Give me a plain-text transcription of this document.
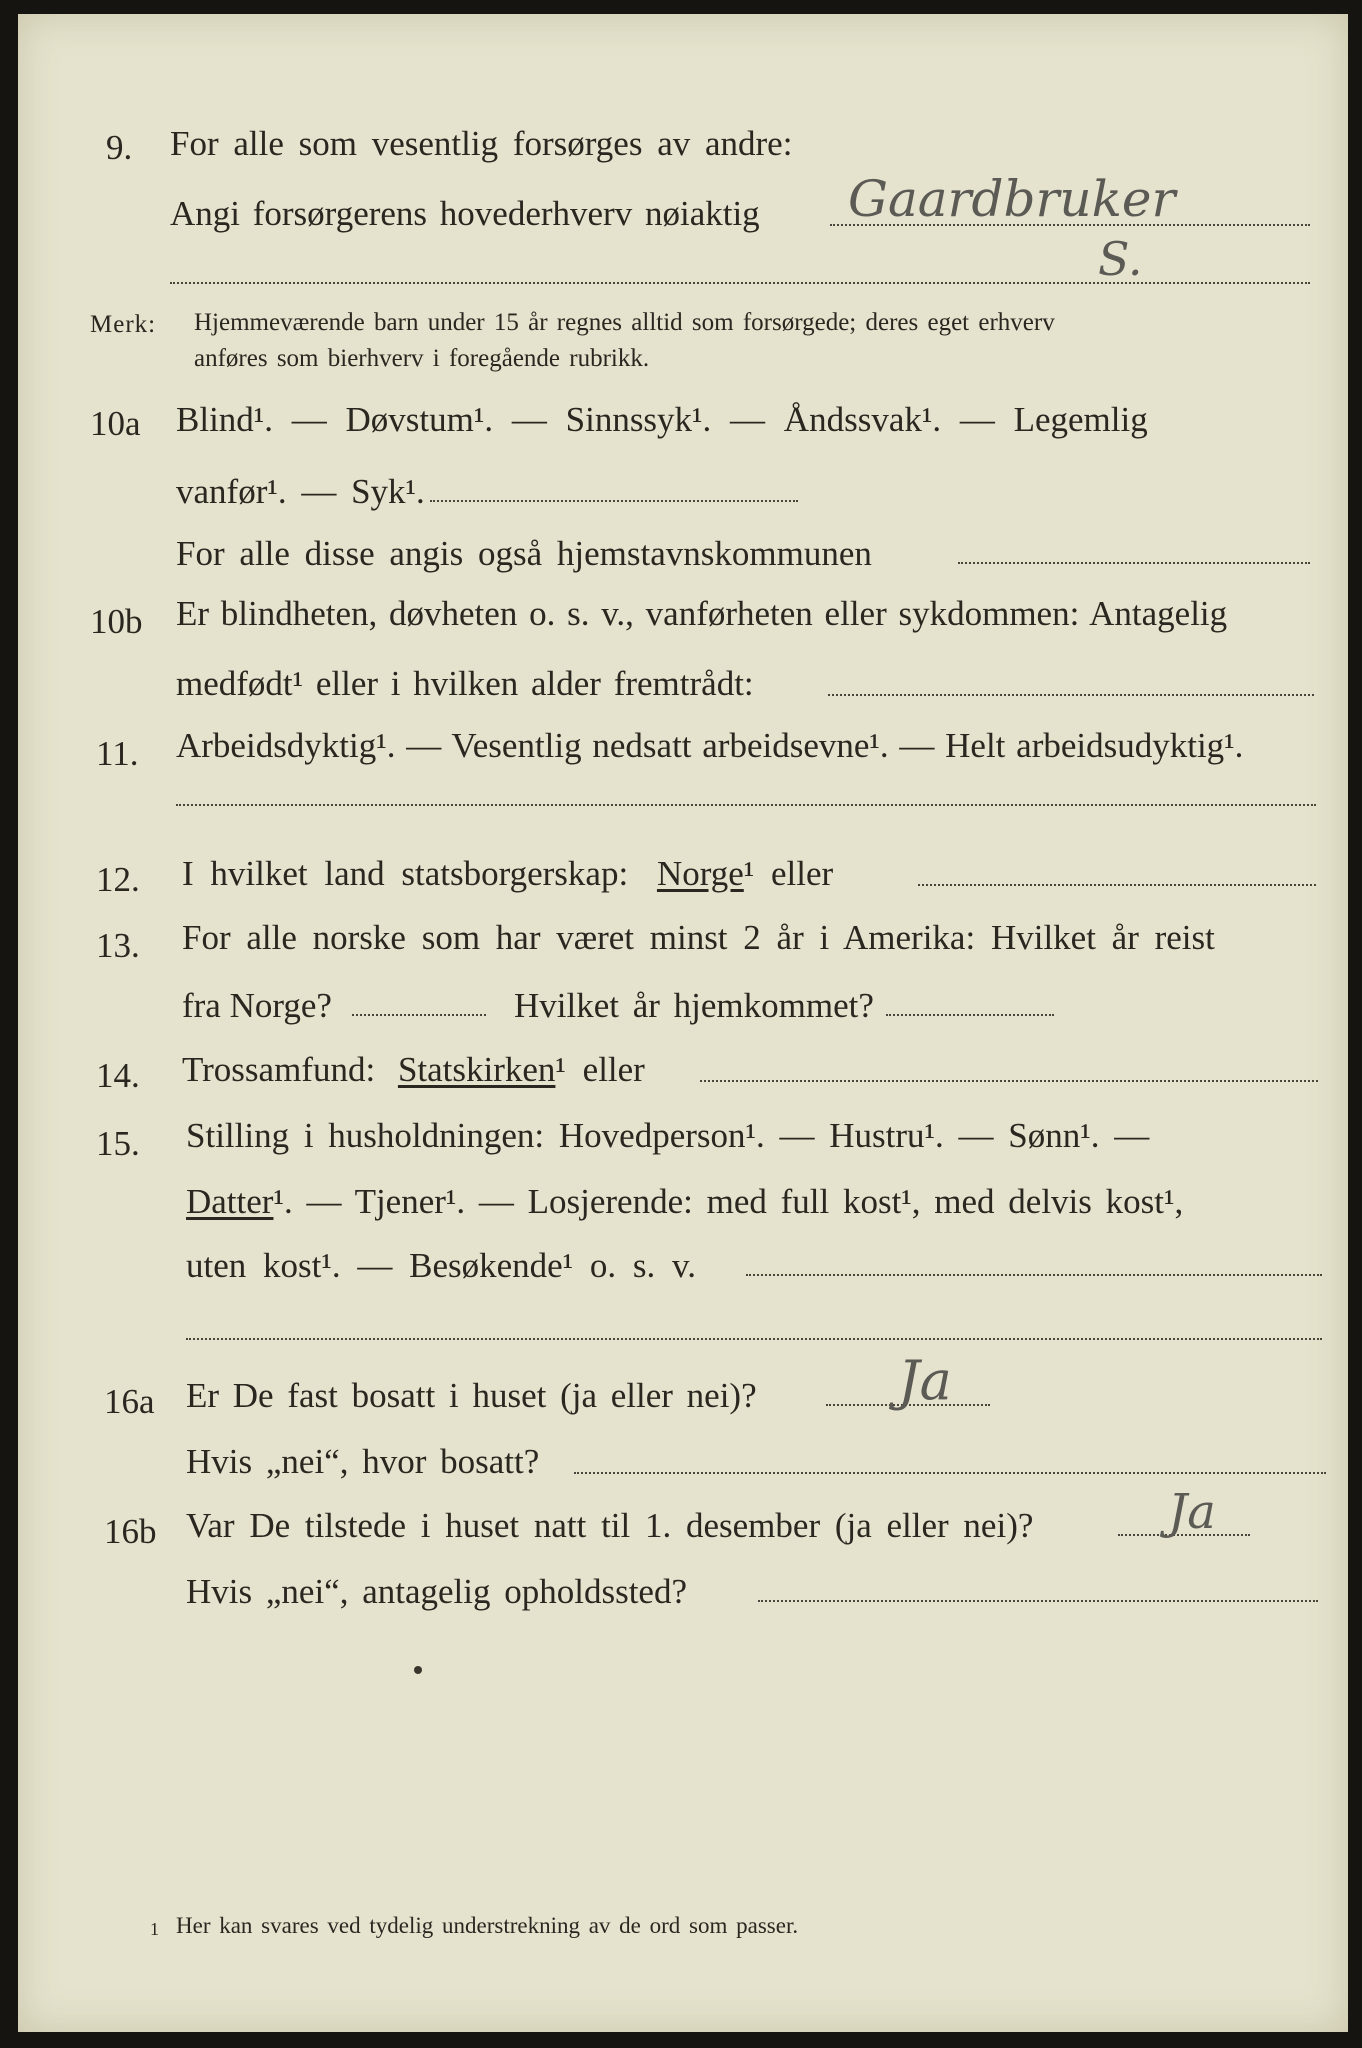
9. For alle som vesentlig forsørges av andre:
Angi forsørgerens hovederhverv nøiaktig Gaardbruker
S.
Merk: Hjemmeværende barn under 15 år regnes alltid som forsørgede; deres eget erhverv
anføres som bierhverv i foregående rubrikk.
10a Blind¹. — Døvstum¹. — Sinnssyk¹. — Åndssvak¹. — Legemlig
vanfør¹. — Syk¹.
For alle disse angis også hjemstavnskommunen
10b Er blindheten, døvheten o. s. v., vanførheten eller sykdommen: Antagelig
medfødt¹ eller i hvilken alder fremtrådt:
11. Arbeidsdyktig¹. — Vesentlig nedsatt arbeidsevne¹. — Helt arbeidsudyktig¹.
12. I hvilket land statsborgerskap: Norge¹ eller
13. For alle norske som har været minst 2 år i Amerika: Hvilket år reist
fra Norge?	Hvilket år hjemkommet?
14. Trossamfund: Statskirken¹ eller
15. Stilling i husholdningen: Hovedperson¹. — Hustru¹. — Sønn¹. —
Datter¹. — Tjener¹. — Losjerende: med full kost¹, med delvis kost¹,
uten kost¹. — Besøkende¹ o. s. v.
16a Er De fast bosatt i huset (ja eller nei)?	Ja
Hvis „nei“, hvor bosatt?
16b Var De tilstede i huset natt til 1. desember (ja eller nei)?	Ja
Hvis „nei“, antagelig opholdssted?
1 Her kan svares ved tydelig understrekning av de ord som passer.
